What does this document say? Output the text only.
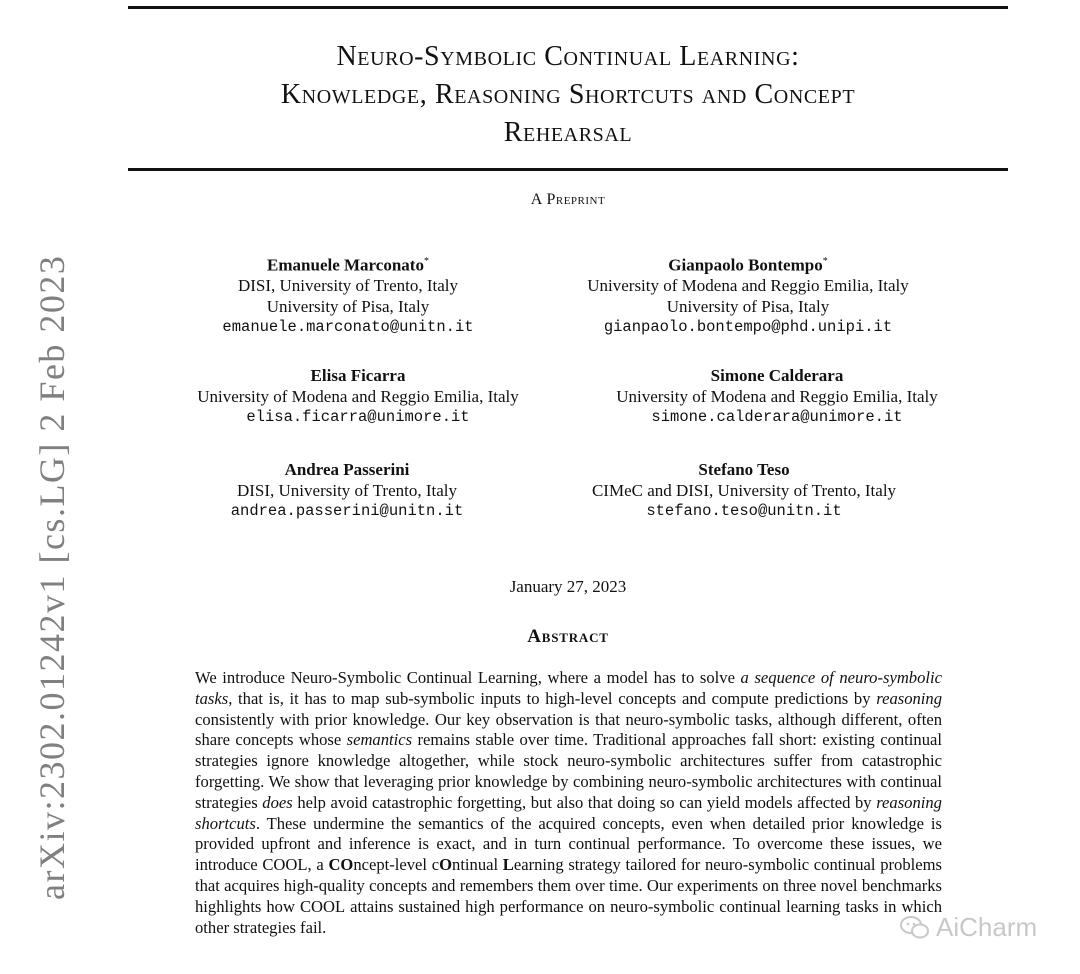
Neuro-Symbolic Continual Learning:
Knowledge, Reasoning Shortcuts and Concept
Rehearsal
A Preprint
Emanuele Marconato*
DISI, University of Trento, Italy
University of Pisa, Italy
emanuele.marconato@unitn.it
Gianpaolo Bontempo*
University of Modena and Reggio Emilia, Italy
University of Pisa, Italy
gianpaolo.bontempo@phd.unipi.it
Elisa Ficarra
University of Modena and Reggio Emilia, Italy
elisa.ficarra@unimore.it
Simone Calderara
University of Modena and Reggio Emilia, Italy
simone.calderara@unimore.it
Andrea Passerini
DISI, University of Trento, Italy
andrea.passerini@unitn.it
Stefano Teso
CIMeC and DISI, University of Trento, Italy
stefano.teso@unitn.it
January 27, 2023
Abstract

We introduce Neuro-Symbolic Continual Learning, where a model has to solve a sequence of neuro-symbolic tasks, that is, it has to map sub-symbolic inputs to high-level concepts and compute predictions by reasoning consistently with prior knowledge. Our key observation is that neuro-symbolic tasks, although different, often share concepts whose semantics remains stable over time. Traditional approaches fall short: existing continual strategies ignore knowledge altogether, while stock neuro-symbolic architectures suffer from catastrophic forgetting. We show that leveraging prior knowledge by combining neuro-symbolic architectures with continual strategies does help avoid catastrophic forgetting, but also that doing so can yield models affected by reasoning shortcuts. These undermine the semantics of the acquired concepts, even when detailed prior knowledge is provided upfront and inference is exact, and in turn continual performance. To overcome these issues, we introduce COOL, a COncept-level cOntinual Learning strategy tailored for neuro-symbolic continual problems that acquires high-quality concepts and remembers them over time. Our experiments on three novel benchmarks highlights how COOL attains sustained high performance on neuro-symbolic continual learning tasks in which other strategies fail.

arXiv:2302.01242v1 [cs.LG] 2 Feb 2023
AiCharm
